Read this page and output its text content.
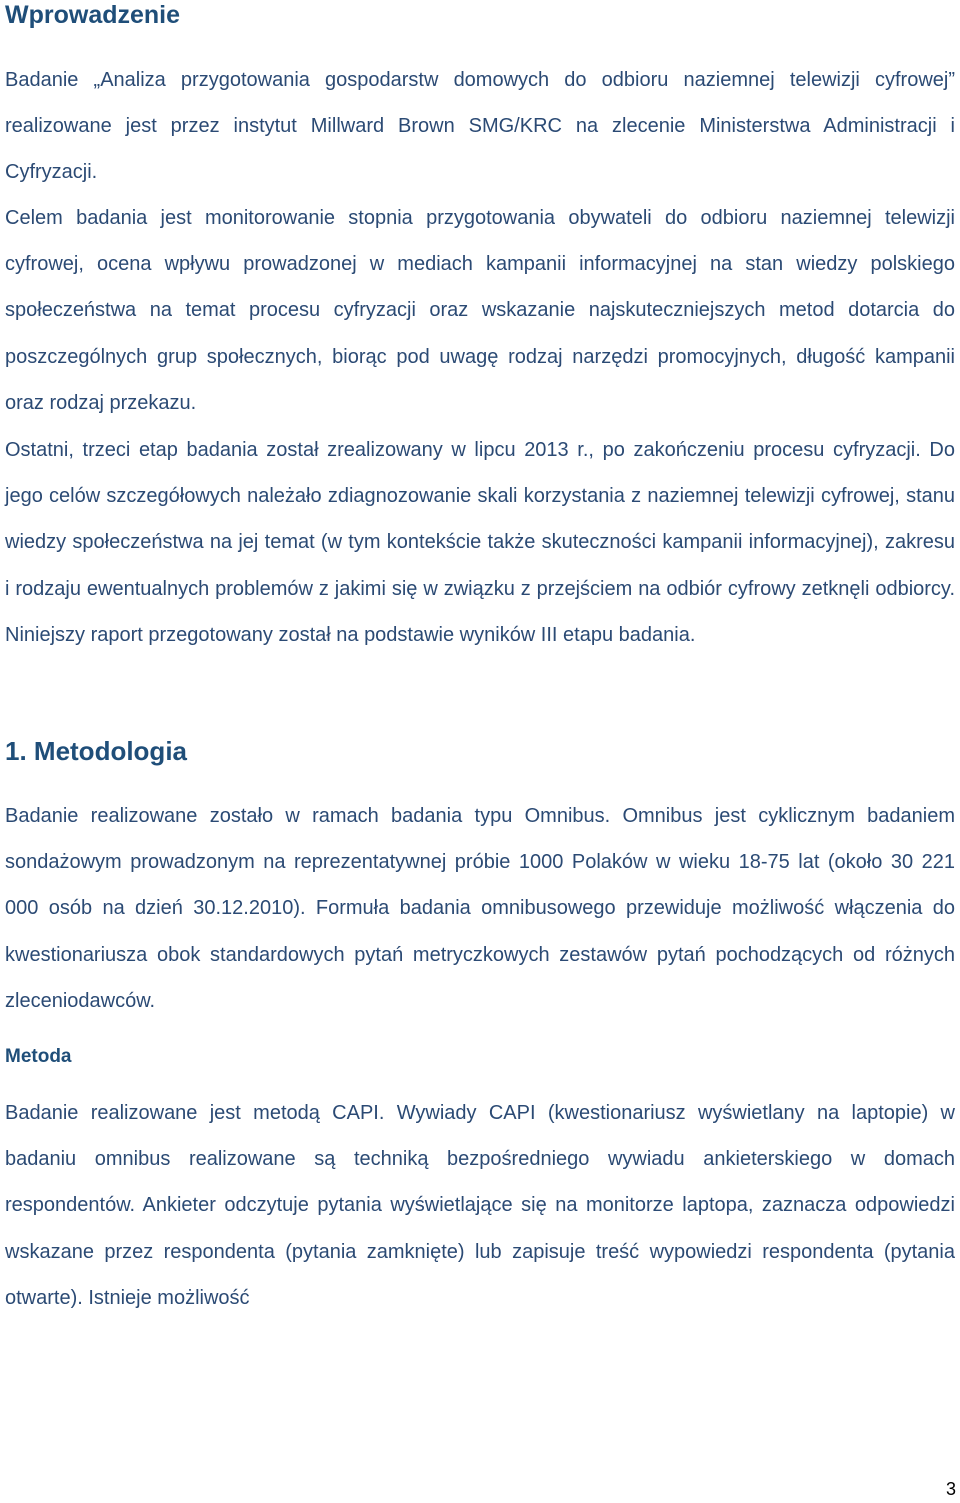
Wprowadzenie

Badanie „Analiza przygotowania gospodarstw domowych do odbioru naziemnej telewizji cyfrowej” realizowane jest przez instytut Millward Brown SMG/KRC na zlecenie Ministerstwa Administracji i Cyfryzacji.

Celem badania jest monitorowanie stopnia przygotowania obywateli do odbioru naziemnej telewizji cyfrowej, ocena wpływu prowadzonej w mediach kampanii informacyjnej na stan wiedzy polskiego społeczeństwa na temat procesu cyfryzacji oraz wskazanie najskuteczniejszych metod dotarcia do poszczególnych grup społecznych, biorąc pod uwagę rodzaj narzędzi promocyjnych, długość kampanii oraz rodzaj przekazu.

Ostatni, trzeci etap badania został zrealizowany w lipcu 2013 r., po zakończeniu procesu cyfryzacji. Do jego celów szczegółowych należało zdiagnozowanie skali korzystania z naziemnej telewizji cyfrowej, stanu wiedzy społeczeństwa na jej temat (w tym kontekście także skuteczności kampanii informacyjnej), zakresu i rodzaju ewentualnych problemów z jakimi się w związku z przejściem na odbiór cyfrowy zetknęli odbiorcy. Niniejszy raport przegotowany został na podstawie wyników III etapu badania.

1. Metodologia

Badanie realizowane zostało w ramach badania typu Omnibus. Omnibus jest cyklicznym badaniem sondażowym prowadzonym na reprezentatywnej próbie 1000 Polaków w wieku 18-75 lat (około 30 221 000 osób na dzień 30.12.2010). Formuła badania omnibusowego przewiduje możliwość włączenia do kwestionariusza obok standardowych pytań metryczkowych zestawów pytań pochodzących od różnych zleceniodawców.

Metoda

Badanie realizowane jest metodą CAPI. Wywiady CAPI (kwestionariusz wyświetlany na laptopie) w badaniu omnibus realizowane są techniką bezpośredniego wywiadu ankieterskiego w domach respondentów. Ankieter odczytuje pytania wyświetlające się na monitorze laptopa, zaznacza odpowiedzi wskazane przez respondenta (pytania zamknięte) lub zapisuje treść wypowiedzi respondenta (pytania otwarte). Istnieje możliwość

3
